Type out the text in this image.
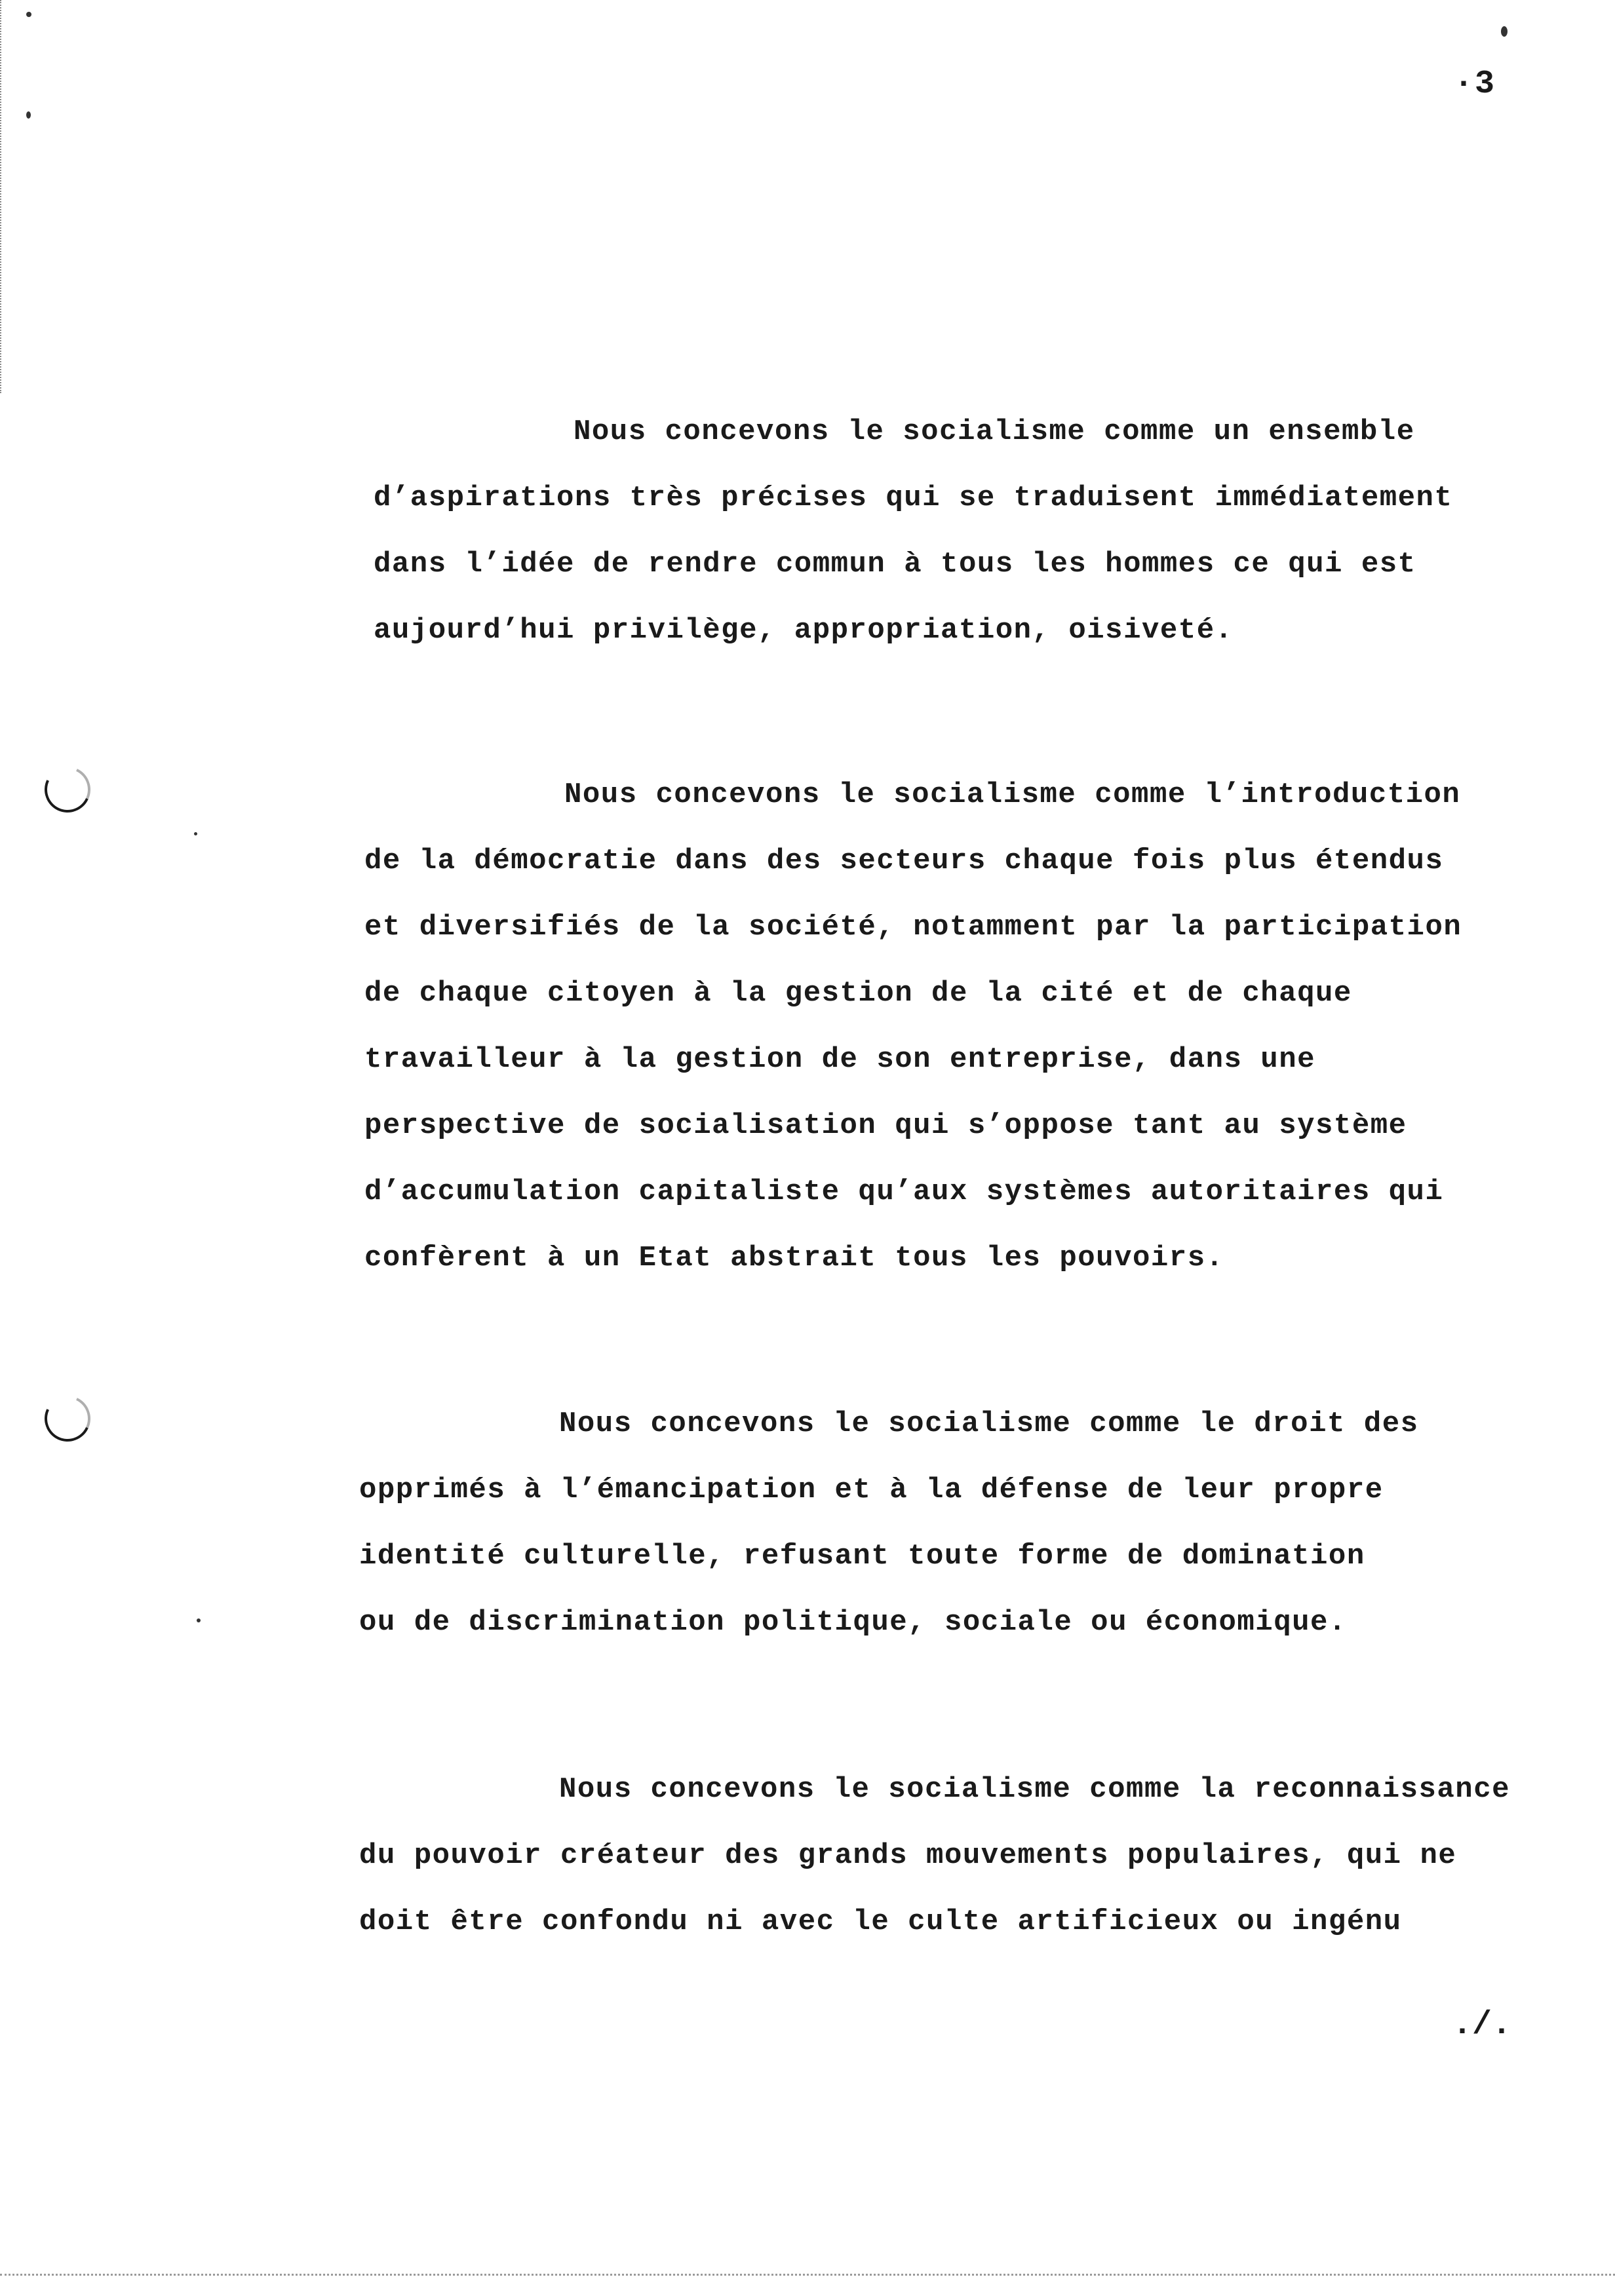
·3
Nous concevons le socialisme comme un ensemble
d’aspirations très précises qui se traduisent immédiatement
dans l’idée de rendre commun à tous les hommes ce qui est
aujourd’hui privilège, appropriation, oisiveté.
Nous concevons le socialisme comme l’introduction
de la démocratie dans des secteurs chaque fois plus étendus
et diversifiés de la société, notamment par la participation
de chaque citoyen à la gestion de la cité et de chaque
travailleur à la gestion de son entreprise, dans une
perspective de socialisation qui s’oppose tant au système
d’accumulation capitaliste qu’aux systèmes autoritaires qui
confèrent à un Etat abstrait tous les pouvoirs.
Nous concevons le socialisme comme le droit des
opprimés à l’émancipation et à la défense de leur propre
identité culturelle, refusant toute forme de domination
ou de discrimination politique, sociale ou économique.
Nous concevons le socialisme comme la reconnaissance
du pouvoir créateur des grands mouvements populaires, qui ne
doit être confondu ni avec le culte artificieux ou ingénu
./.
